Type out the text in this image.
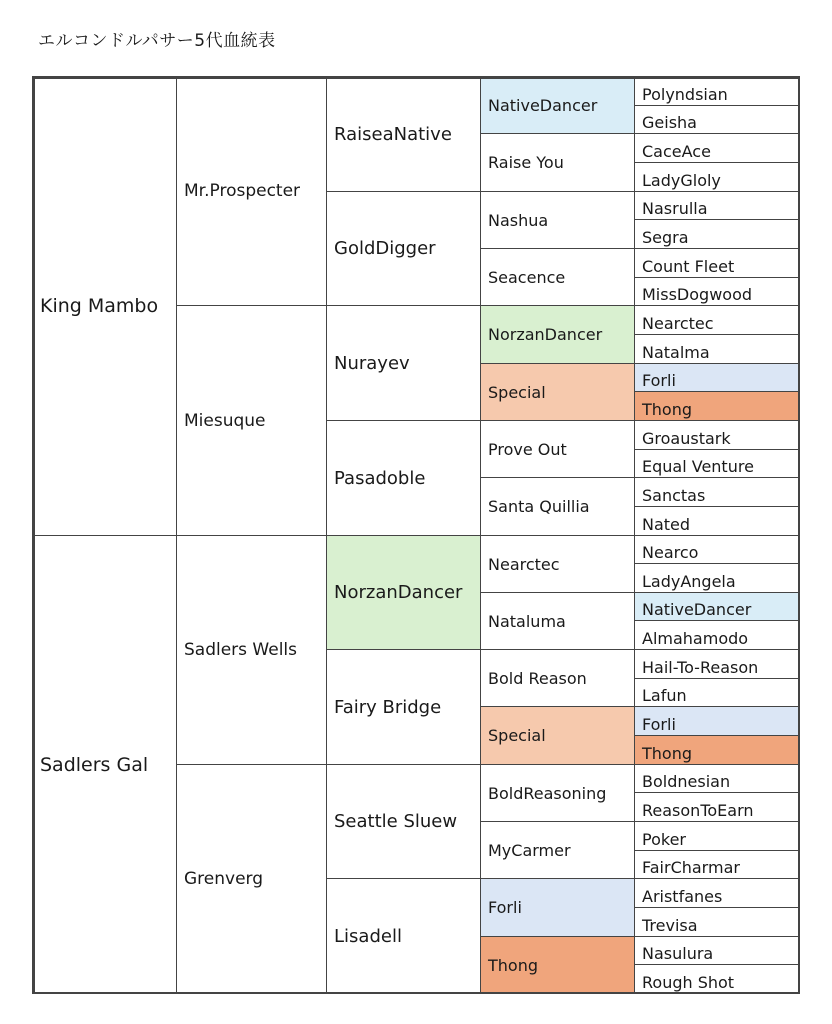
エルコンドルパサー5代血統表
King Mambo
Sadlers Gal
Mr.Prospecter
Miesuque
Sadlers Wells
Grenverg
RaiseaNative
GoldDigger
Nurayev
Pasadoble
NorzanDancer
Fairy Bridge
Seattle Sluew
Lisadell
NativeDancer
Raise You
Nashua
Seacence
NorzanDancer
Special
Prove Out
Santa Quillia
Nearctec
Nataluma
Bold Reason
Special
BoldReasoning
MyCarmer
Forli
Thong
Polyndsian
Geisha
CaceAce
LadyGloly
Nasrulla
Segra
Count Fleet
MissDogwood
Nearctec
Natalma
Forli
Thong
Groaustark
Equal Venture
Sanctas
Nated
Nearco
LadyAngela
NativeDancer
Almahamodo
Hail-To-Reason
Lafun
Forli
Thong
Boldnesian
ReasonToEarn
Poker
FairCharmar
Aristfanes
Trevisa
Nasulura
Rough Shot
